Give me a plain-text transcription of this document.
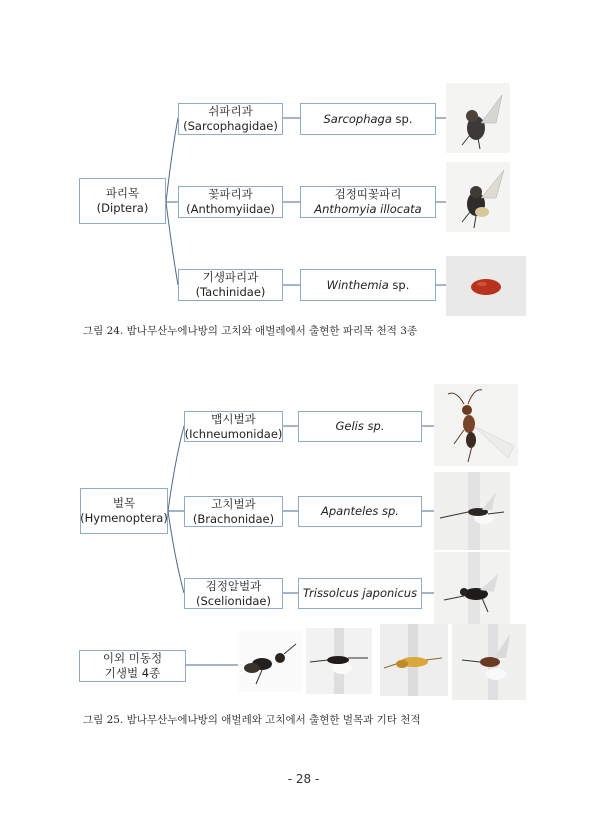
파리목
(Diptera)
쉬파리과
(Sarcophagidae)
Sarcophaga sp.
꽃파리과
(Anthomyiidae)
검정띠꽃파리
Anthomyia illocata
기생파리과
(Tachinidae)
Winthemia sp.
그림 24. 밤나무산누에나방의 고치와 애벌레에서 출현한 파리목 천적 3종
벌목
(Hymenoptera)
맵시벌과
(Ichneumonidae)
Gelis sp.
고치벌과
(Brachonidae)
Apanteles sp.
검정알벌과
(Scelionidae)
Trissolcus japonicus
이외 미동정
기생벌 4종
그림 25. 밤나무산누에나방의 애벌레와 고치에서 출현한 벌목과 기타 천적
- 28 -
